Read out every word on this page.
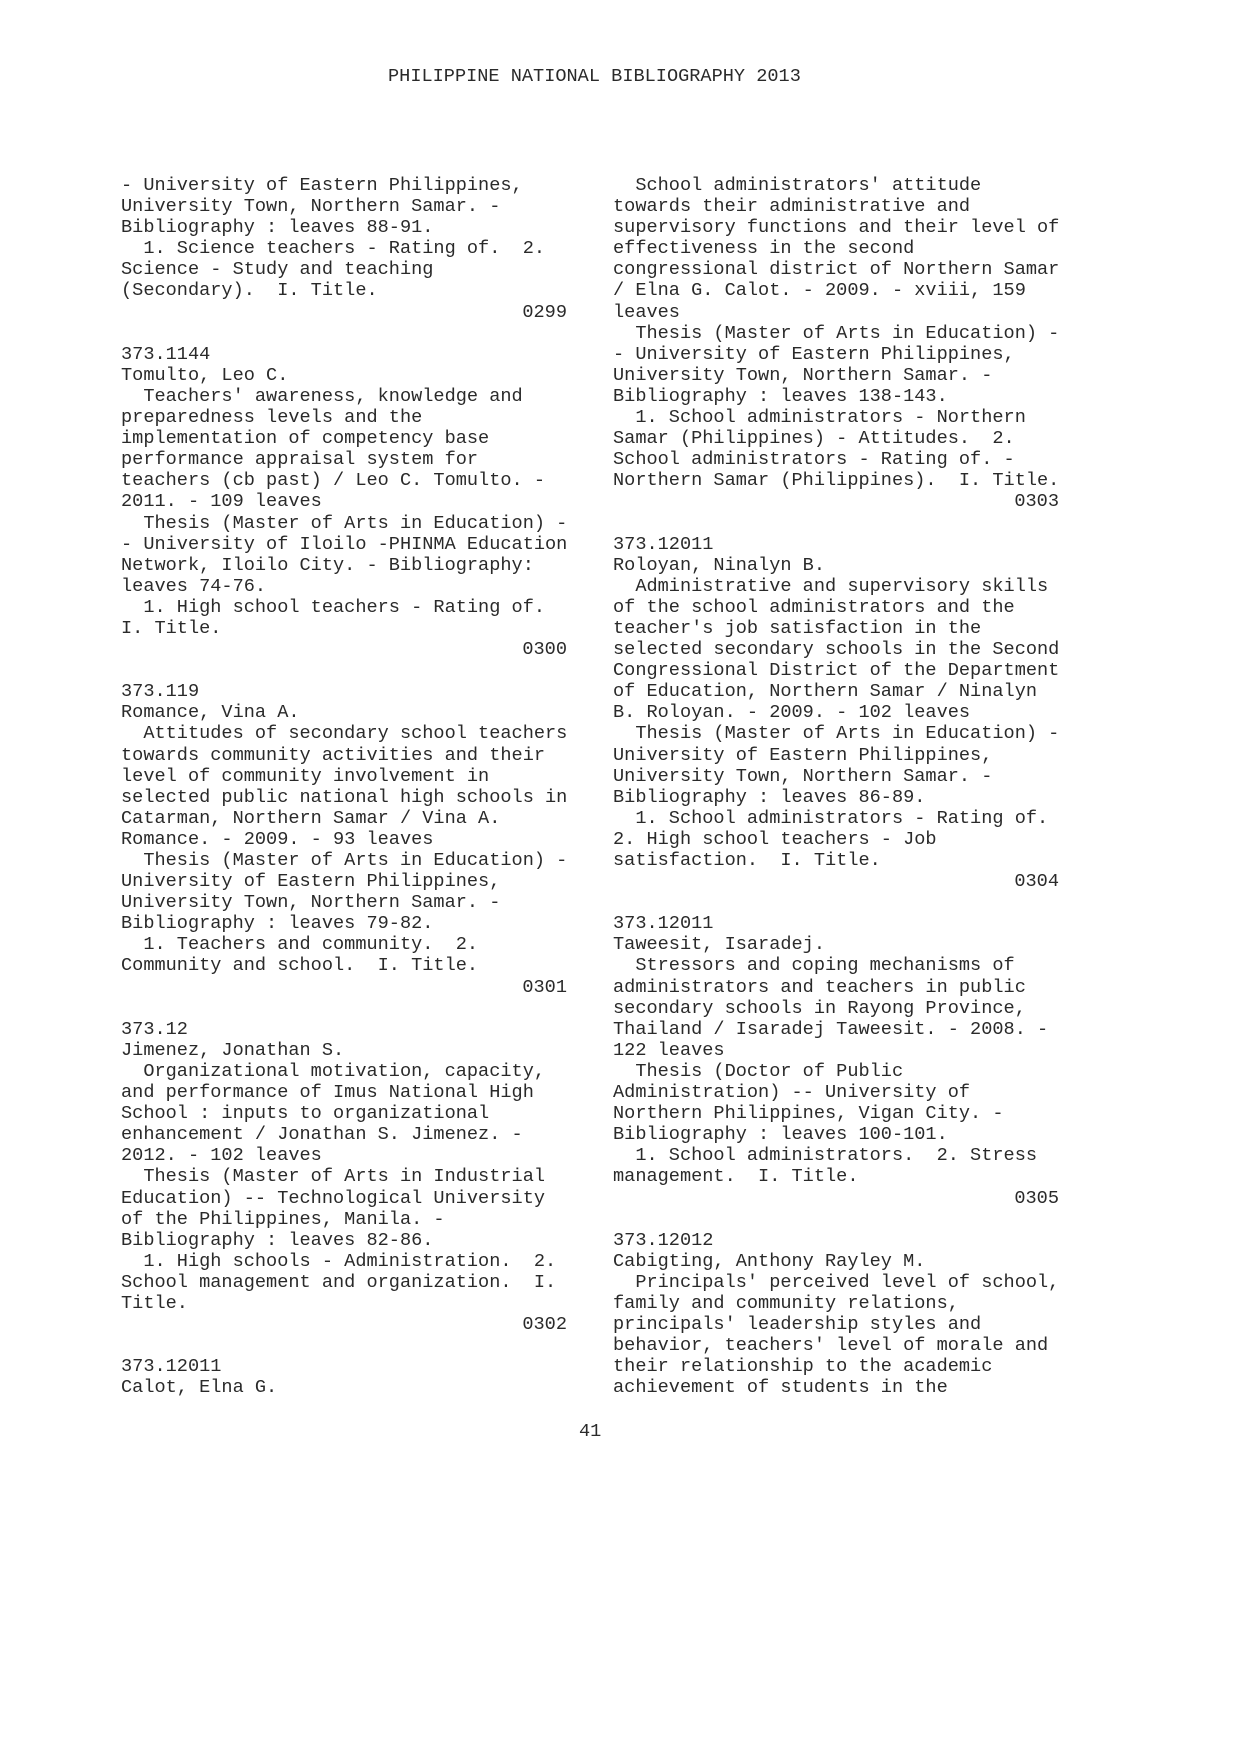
PHILIPPINE NATIONAL BIBLIOGRAPHY 2013
- University of Eastern Philippines,
University Town, Northern Samar. -
Bibliography : leaves 88-91.
1. Science teachers - Rating of.  2.
Science - Study and teaching
(Secondary).  I. Title.
0299
373.1144
Tomulto, Leo C.
Teachers' awareness, knowledge and
preparedness levels and the
implementation of competency base
performance appraisal system for
teachers (cb past) / Leo C. Tomulto. -
2011. - 109 leaves
Thesis (Master of Arts in Education) -
- University of Iloilo -PHINMA Education
Network, Iloilo City. - Bibliography:
leaves 74-76.
1. High school teachers - Rating of.
I. Title.
0300
373.119
Romance, Vina A.
Attitudes of secondary school teachers
towards community activities and their
level of community involvement in
selected public national high schools in
Catarman, Northern Samar / Vina A.
Romance. - 2009. - 93 leaves
Thesis (Master of Arts in Education) -
University of Eastern Philippines,
University Town, Northern Samar. -
Bibliography : leaves 79-82.
1. Teachers and community.  2.
Community and school.  I. Title.
0301
373.12
Jimenez, Jonathan S.
Organizational motivation, capacity,
and performance of Imus National High
School : inputs to organizational
enhancement / Jonathan S. Jimenez. -
2012. - 102 leaves
Thesis (Master of Arts in Industrial
Education) -- Technological University
of the Philippines, Manila. -
Bibliography : leaves 82-86.
1. High schools - Administration.  2.
School management and organization.  I.
Title.
0302
373.12011
Calot, Elna G.
School administrators' attitude
towards their administrative and
supervisory functions and their level of
effectiveness in the second
congressional district of Northern Samar
/ Elna G. Calot. - 2009. - xviii, 159
leaves
Thesis (Master of Arts in Education) -
- University of Eastern Philippines,
University Town, Northern Samar. -
Bibliography : leaves 138-143.
1. School administrators - Northern
Samar (Philippines) - Attitudes.  2.
School administrators - Rating of. -
Northern Samar (Philippines).  I. Title.
0303
373.12011
Roloyan, Ninalyn B.
Administrative and supervisory skills
of the school administrators and the
teacher's job satisfaction in the
selected secondary schools in the Second
Congressional District of the Department
of Education, Northern Samar / Ninalyn
B. Roloyan. - 2009. - 102 leaves
Thesis (Master of Arts in Education) -
University of Eastern Philippines,
University Town, Northern Samar. -
Bibliography : leaves 86-89.
1. School administrators - Rating of.
2. High school teachers - Job
satisfaction.  I. Title.
0304
373.12011
Taweesit, Isaradej.
Stressors and coping mechanisms of
administrators and teachers in public
secondary schools in Rayong Province,
Thailand / Isaradej Taweesit. - 2008. -
122 leaves
Thesis (Doctor of Public
Administration) -- University of
Northern Philippines, Vigan City. -
Bibliography : leaves 100-101.
1. School administrators.  2. Stress
management.  I. Title.
0305
373.12012
Cabigting, Anthony Rayley M.
Principals' perceived level of school,
family and community relations,
principals' leadership styles and
behavior, teachers' level of morale and
their relationship to the academic
achievement of students in the
41
